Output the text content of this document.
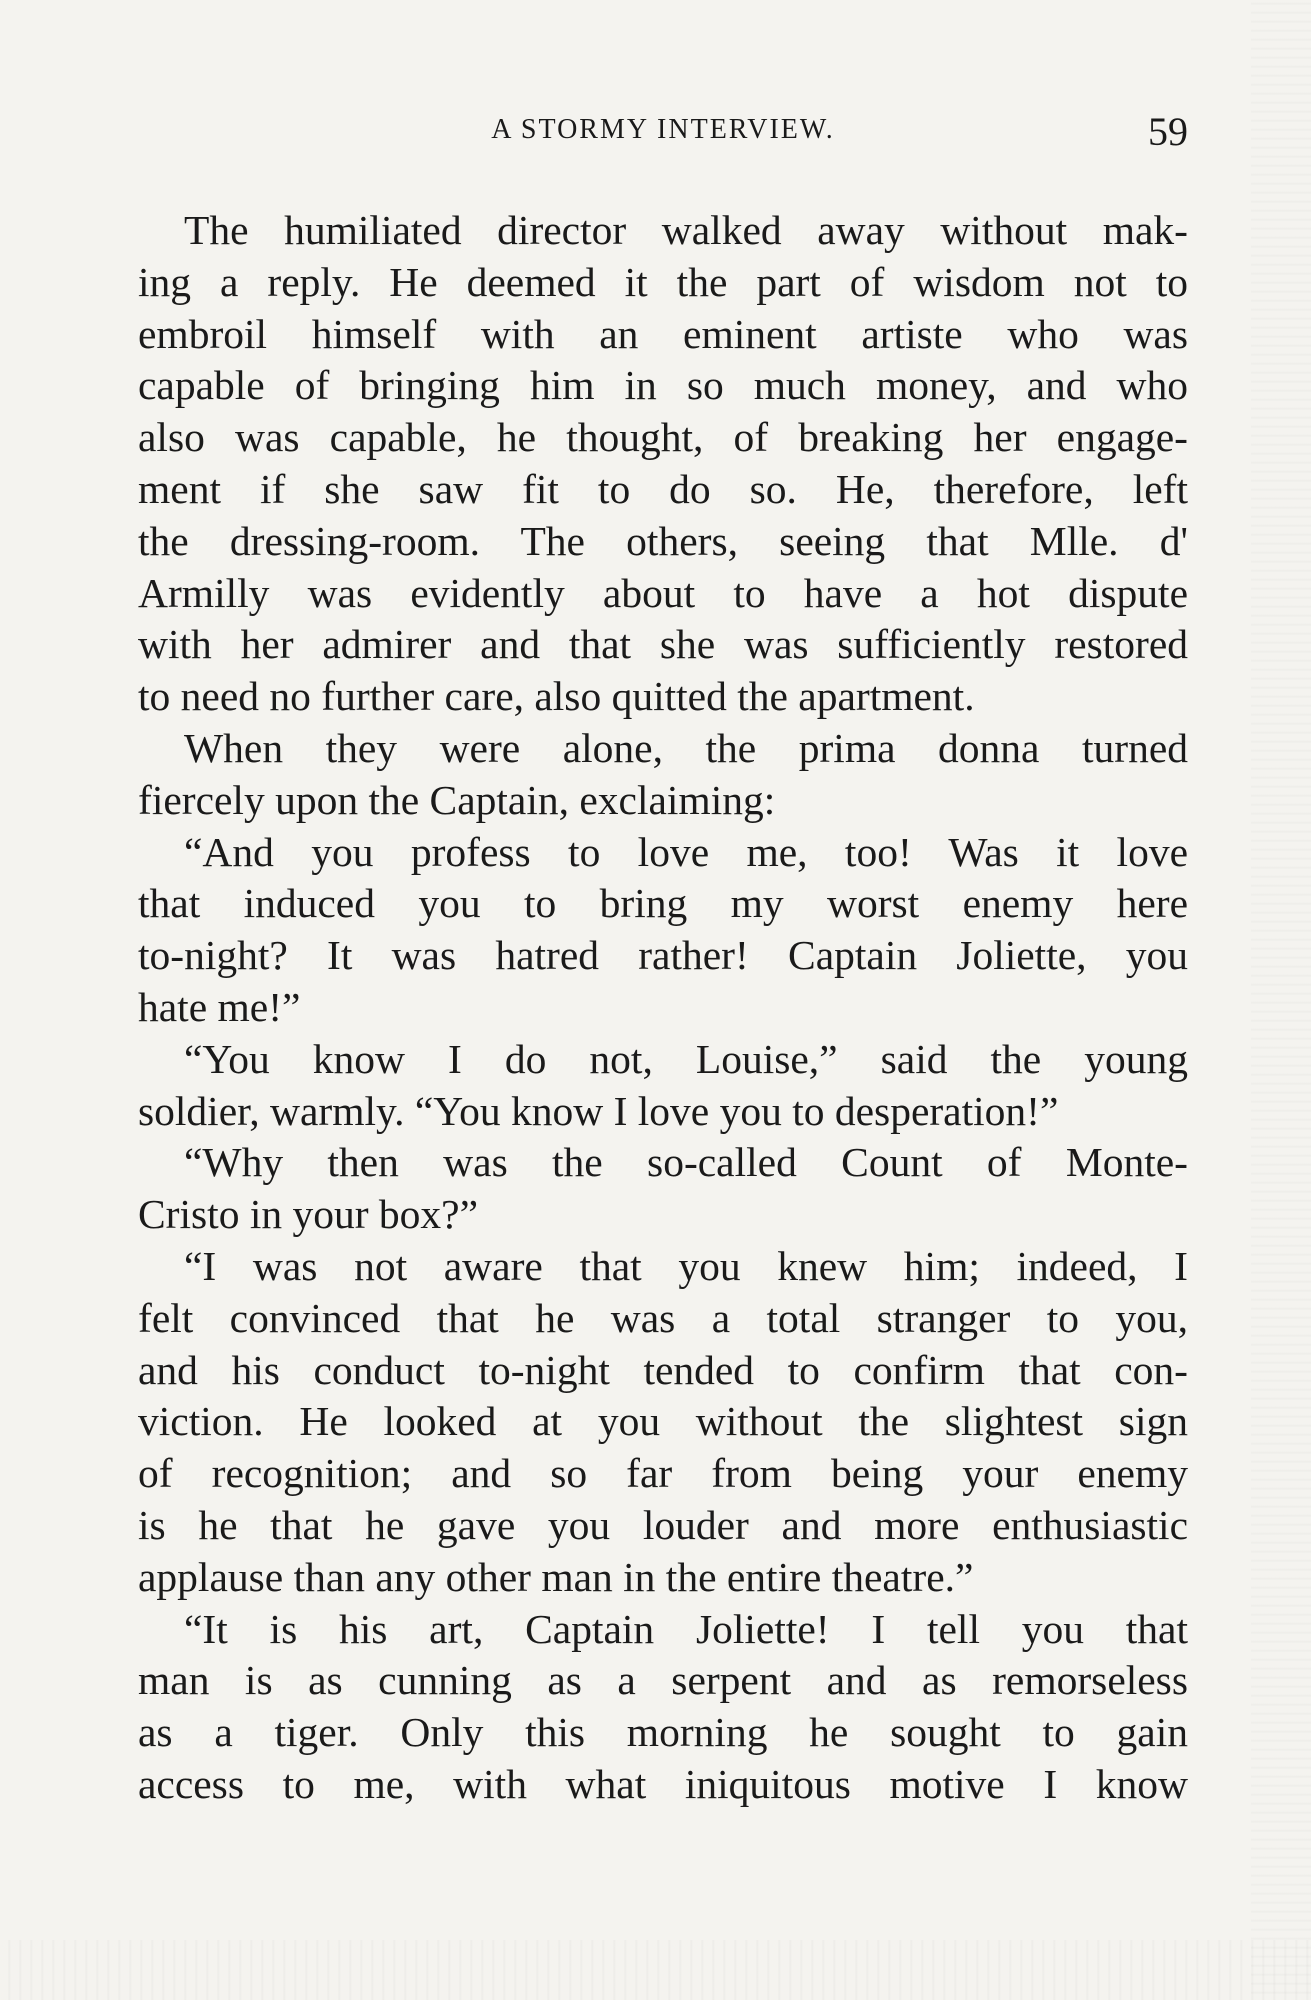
A STORMY INTERVIEW.	59
The humiliated director walked away without mak-
ing a reply. He deemed it the part of wisdom not to
embroil himself with an eminent artiste who was
capable of bringing him in so much money, and who
also was capable, he thought, of breaking her engage-
ment if she saw fit to do so. He, therefore, left
the dressing-room. The others, seeing that Mlle. d'
Armilly was evidently about to have a hot dispute
with her admirer and that she was sufficiently restored
to need no further care, also quitted the apartment.
When they were alone, the prima donna turned
fiercely upon the Captain, exclaiming:
“And you profess to love me, too! Was it love
that induced you to bring my worst enemy here
to-night? It was hatred rather! Captain Joliette, you
hate me!”
“You know I do not, Louise,” said the young
soldier, warmly. “You know I love you to desperation!”
“Why then was the so-called Count of Monte-
Cristo in your box?”
“I was not aware that you knew him; indeed, I
felt convinced that he was a total stranger to you,
and his conduct to-night tended to confirm that con-
viction. He looked at you without the slightest sign
of recognition; and so far from being your enemy
is he that he gave you louder and more enthusiastic
applause than any other man in the entire theatre.”
“It is his art, Captain Joliette! I tell you that
man is as cunning as a serpent and as remorseless
as a tiger. Only this morning he sought to gain
access to me, with what iniquitous motive I know
